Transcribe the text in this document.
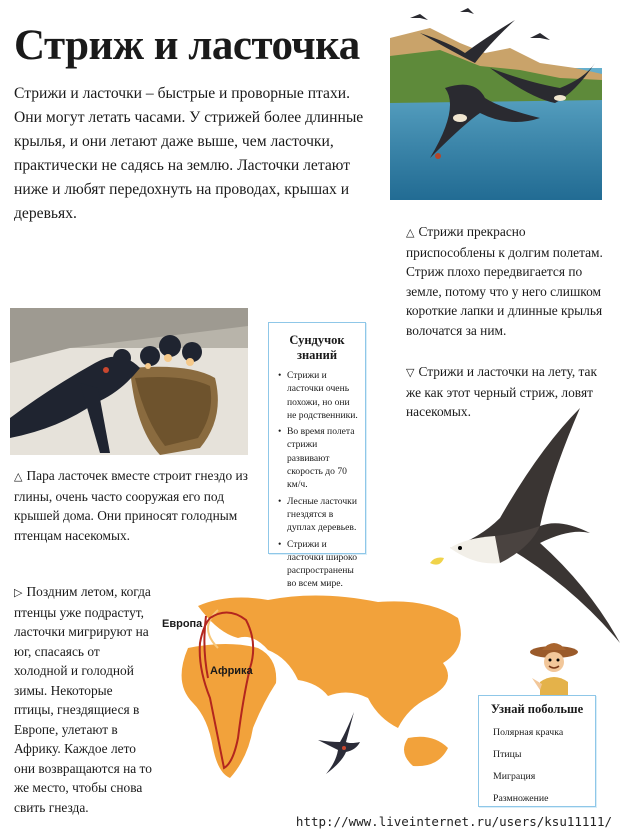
Стриж и ласточка
Стрижи и ласточки – быстрые и проворные птахи. Они могут летать часами. У стрижей более длинные крылья, и они летают даже выше, чем ласточки, практически не садясь на землю. Ласточки летают ниже и любят передохнуть на проводах, крышах и деревьях.
△ Стрижи прекрасно приспособлены к долгим полетам. Стриж плохо передвигается по земле, потому что у него слишком короткие лапки и длинные крылья волочатся за ним.
Сундучок знаний
• Стрижи и ласточки очень похожи, но они не родственники.
• Во время полета стрижи развивают скорость до 70 км/ч.
• Лесные ласточки гнездятся в дуплах деревьев.
• Стрижи и ласточки широко распространены во всем мире.
▽ Стрижи и ласточки на лету, так же как этот черный стриж, ловят насекомых.
△ Пара ласточек вместе строит гнездо из глины, очень часто сооружая его под крышей дома. Они приносят голодным птенцам насекомых.
▷ Поздним летом, когда птенцы уже подрастут, ласточки мигрируют на юг, спасаясь от холодной и голодной зимы. Некоторые птицы, гнездящиеся в Европе, улетают в Африку. Каждое лето они возвращаются на то же место, чтобы снова свить гнезда.
Европа
Африка
Узнай побольше
Полярная крачка
Птицы
Миграция
Размножение
http://www.liveinternet.ru/users/ksu11111/
